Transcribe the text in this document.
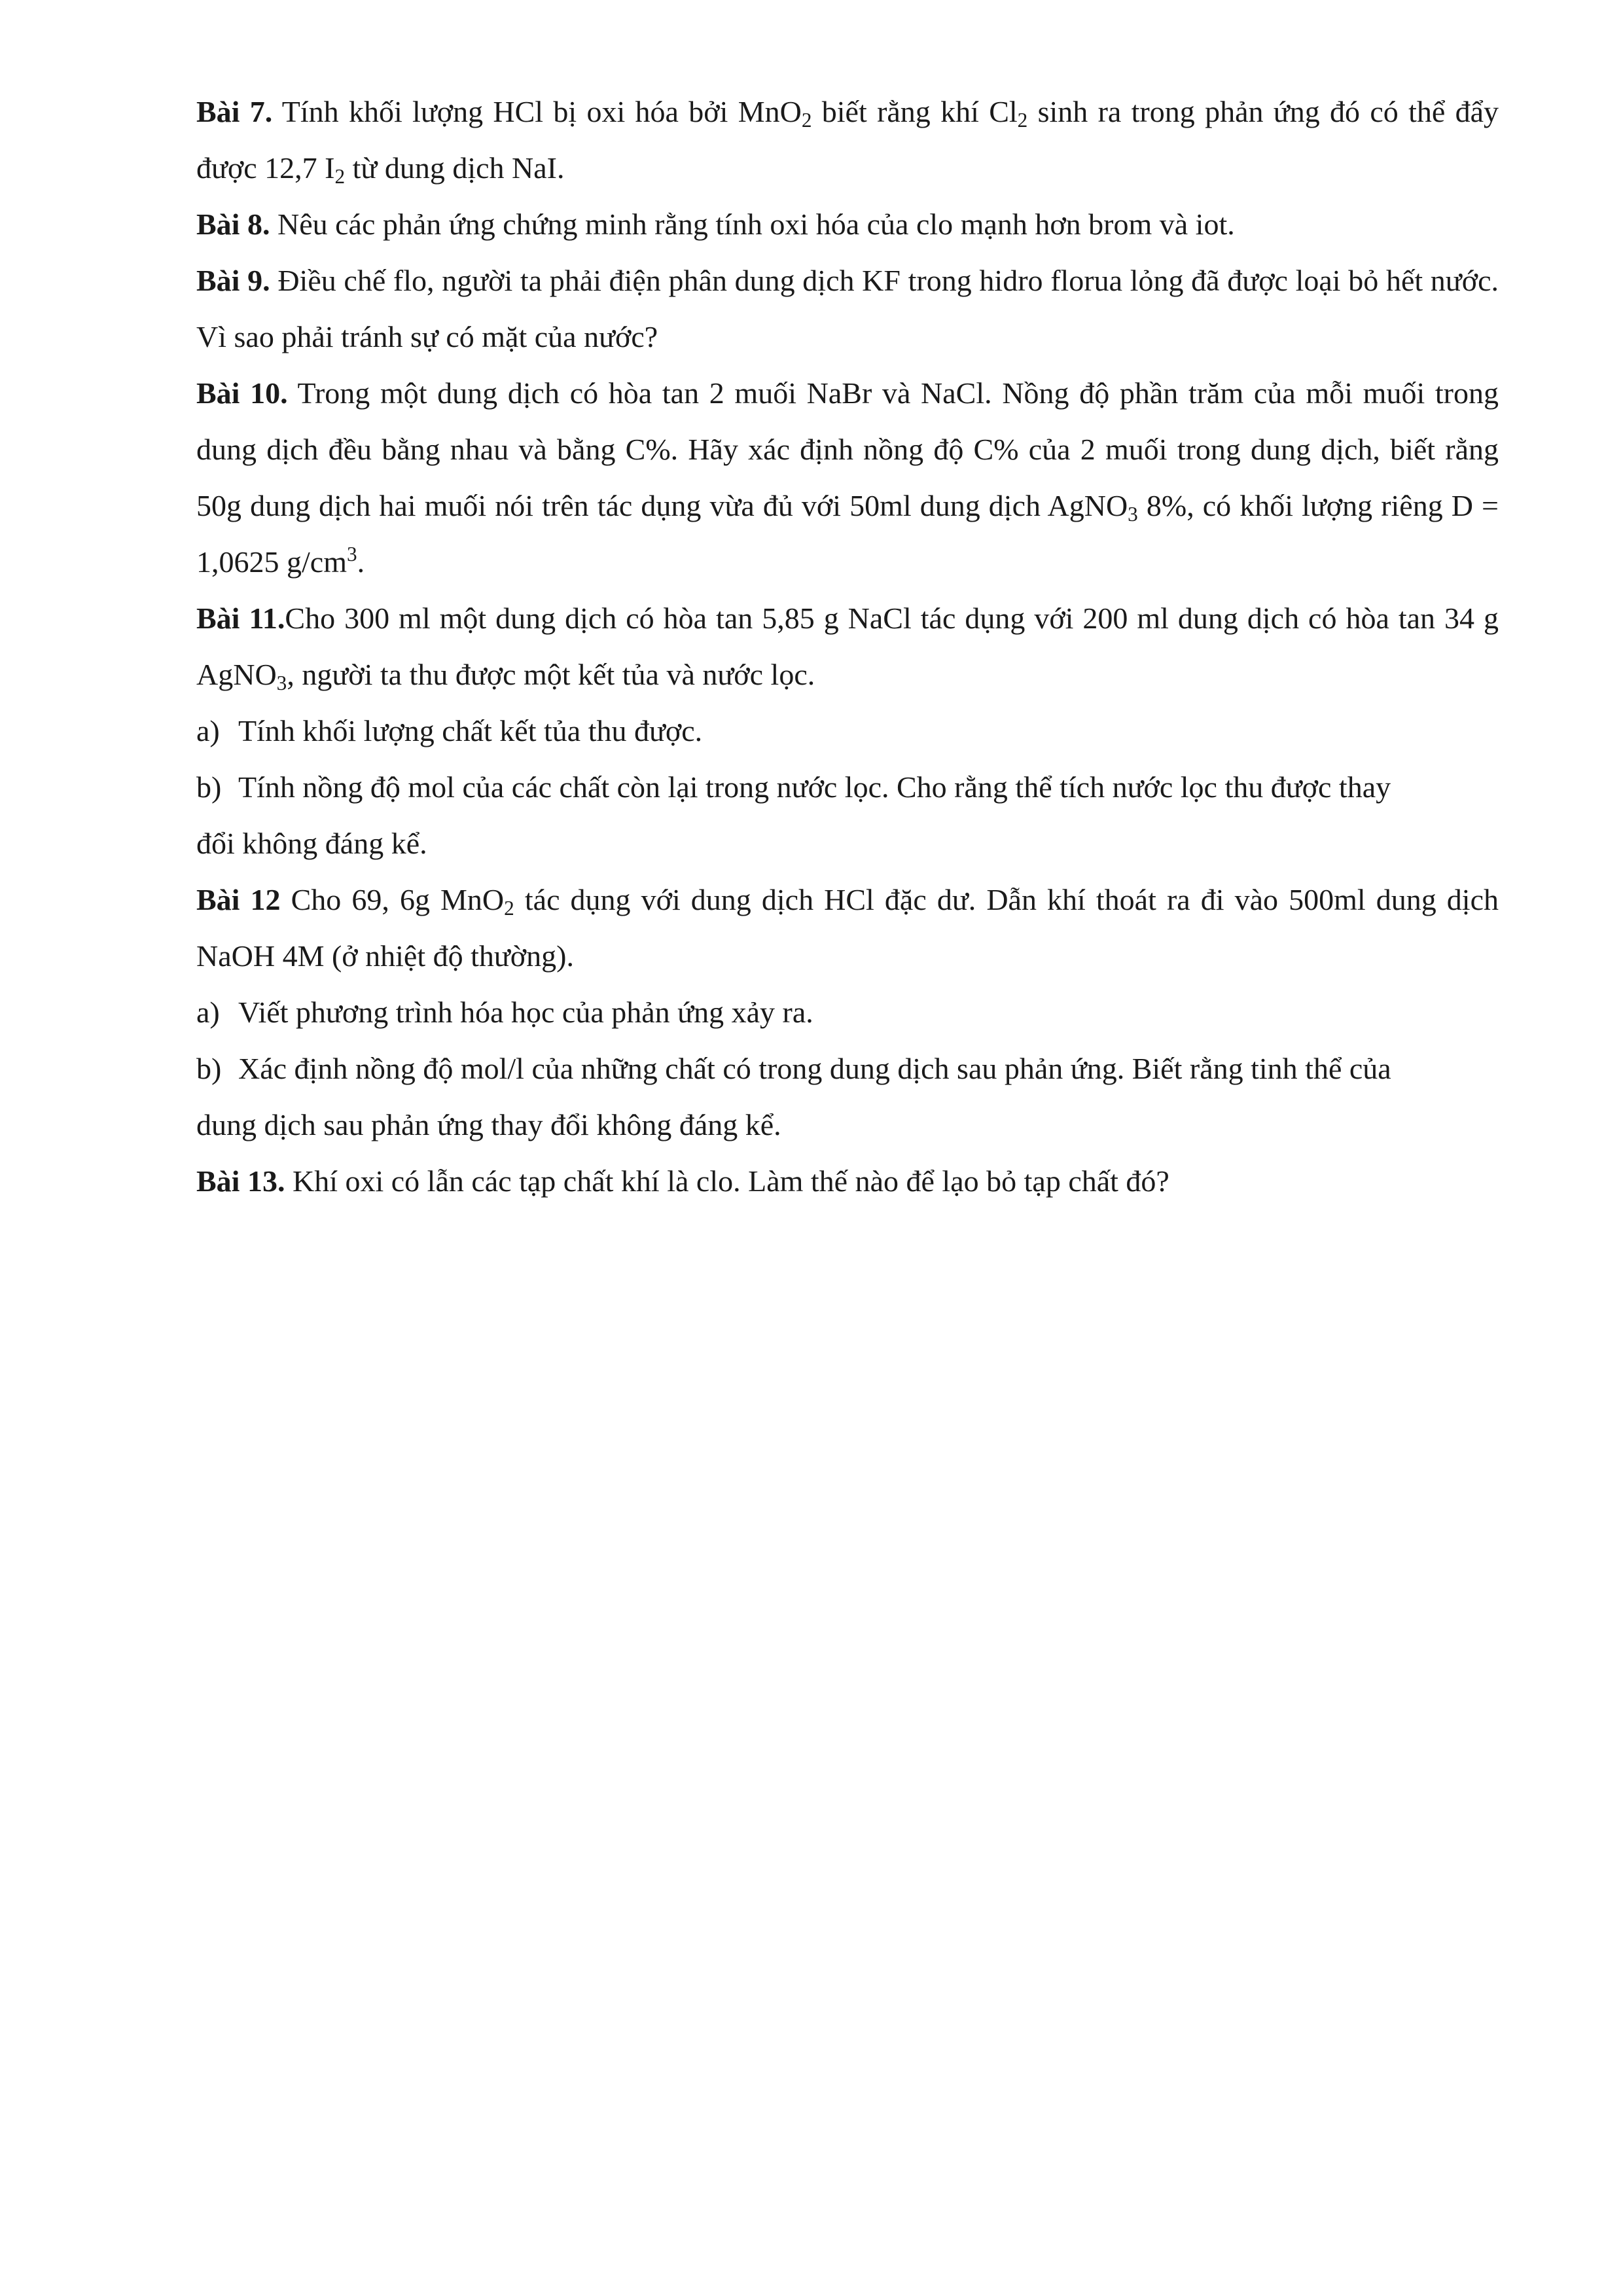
Bài 7. Tính khối lượng HCl bị oxi hóa bởi MnO$_2$ biết rằng khí $Cl_2$ sinh ra trong phản ứng đó có thể đẩy được 12,7 $I_2$ từ dung dịch NaI.

Bài 8. Nêu các phản ứng chứng minh rằng tính oxi hóa của clo mạnh hơn brom và iot.

Bài 9. Điều chế flo, người ta phải điện phân dung dịch KF trong hidro florua lỏng đã được loại bỏ hết nước. Vì sao phải tránh sự có mặt của nước?

Bài 10. Trong một dung dịch có hòa tan 2 muối NaBr và NaCl. Nồng độ phần trăm của mỗi muối trong dung dịch đều bằng nhau và bằng C%. Hãy xác định nồng độ C% của 2 muối trong dung dịch, biết rằng 50g dung dịch hai muối nói trên tác dụng vừa đủ với 50ml dung dịch AgNO$_3$ 8%, có khối lượng riêng D = 1,0625 $g/cm^3$.

Bài 11.Cho 300 ml một dung dịch có hòa tan 5,85 g NaCl tác dụng với 200 ml dung dịch có hòa tan 34 g AgNO$_3$, người ta thu được một kết tủa và nước lọc.

a) Tính khối lượng chất kết tủa thu được.

b) Tính nồng độ mol của các chất còn lại trong nước lọc. Cho rằng thể tích nước lọc thu được thay

đổi không đáng kể.

Bài 12 Cho 69, 6g MnO$_2$ tác dụng với dung dịch HCl đặc dư. Dẫn khí thoát ra đi vào 500ml dung dịch NaOH 4M (ở nhiệt độ thường).

a) Viết phương trình hóa học của phản ứng xảy ra.

b) Xác định nồng độ mol/l của những chất có trong dung dịch sau phản ứng. Biết rằng tinh thể của

dung dịch sau phản ứng thay đổi không đáng kể.

Bài 13. Khí oxi có lẫn các tạp chất khí là clo. Làm thế nào để lạo bỏ tạp chất đó?
